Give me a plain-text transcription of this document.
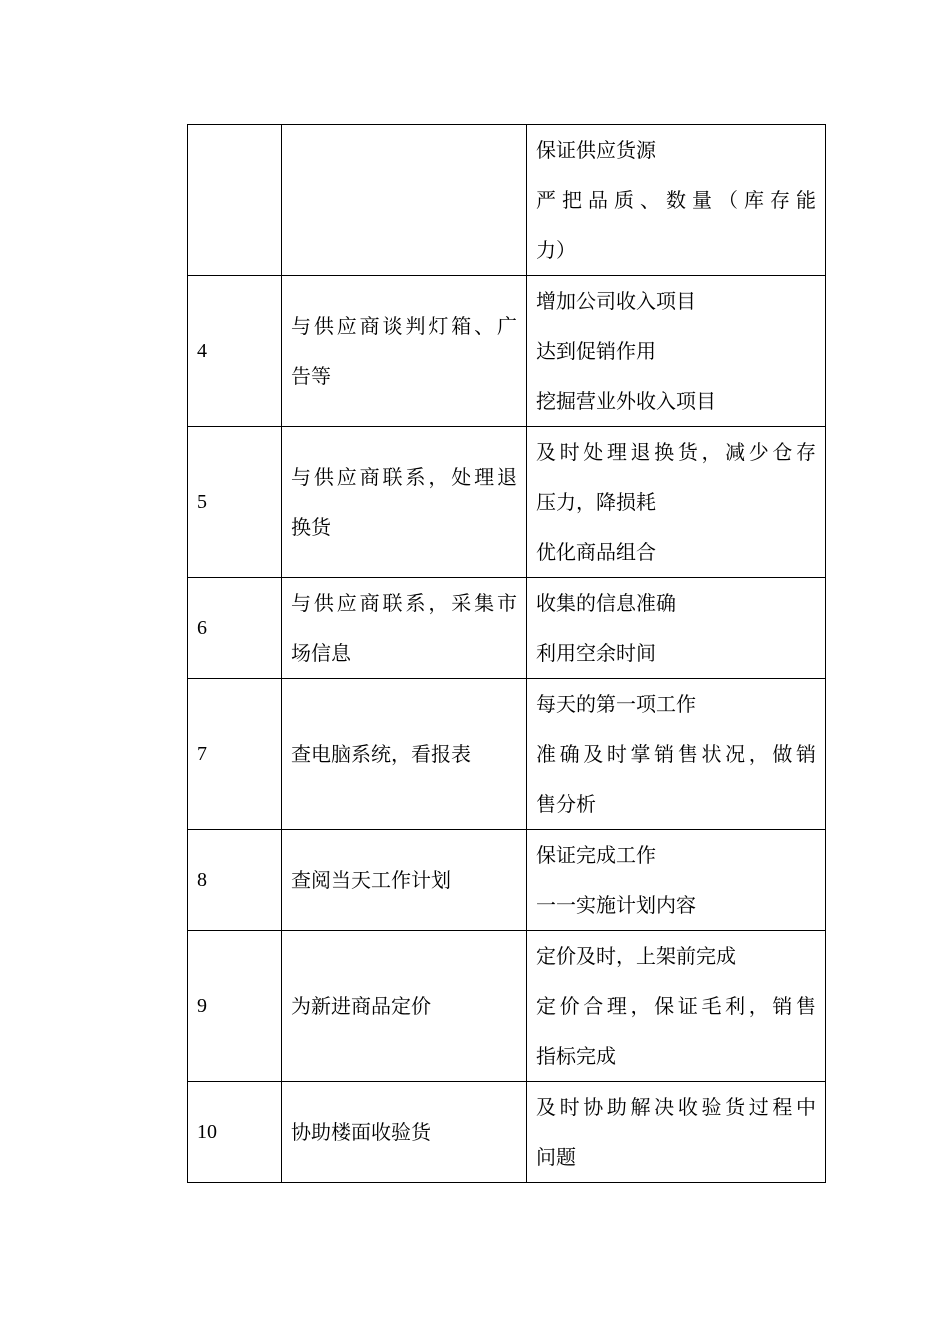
		保证供应货源
严把品质、数量（库存能
力）

4	与供应商谈判灯箱、广
告等	增加公司收入项目
达到促销作用
挖掘营业外收入项目

5	与供应商联系，处理退
换货	及时处理退换货，减少仓存
压力，降损耗
优化商品组合

6	与供应商联系，采集市
场信息	收集的信息准确
利用空余时间

7	查电脑系统，看报表	每天的第一项工作
准确及时掌销售状况，做销
售分析

8	查阅当天工作计划	保证完成工作
一一实施计划内容

9	为新进商品定价	定价及时，上架前完成
定价合理，保证毛利，销售
指标完成

10	协助楼面收验货	及时协助解决收验货过程中
问题
